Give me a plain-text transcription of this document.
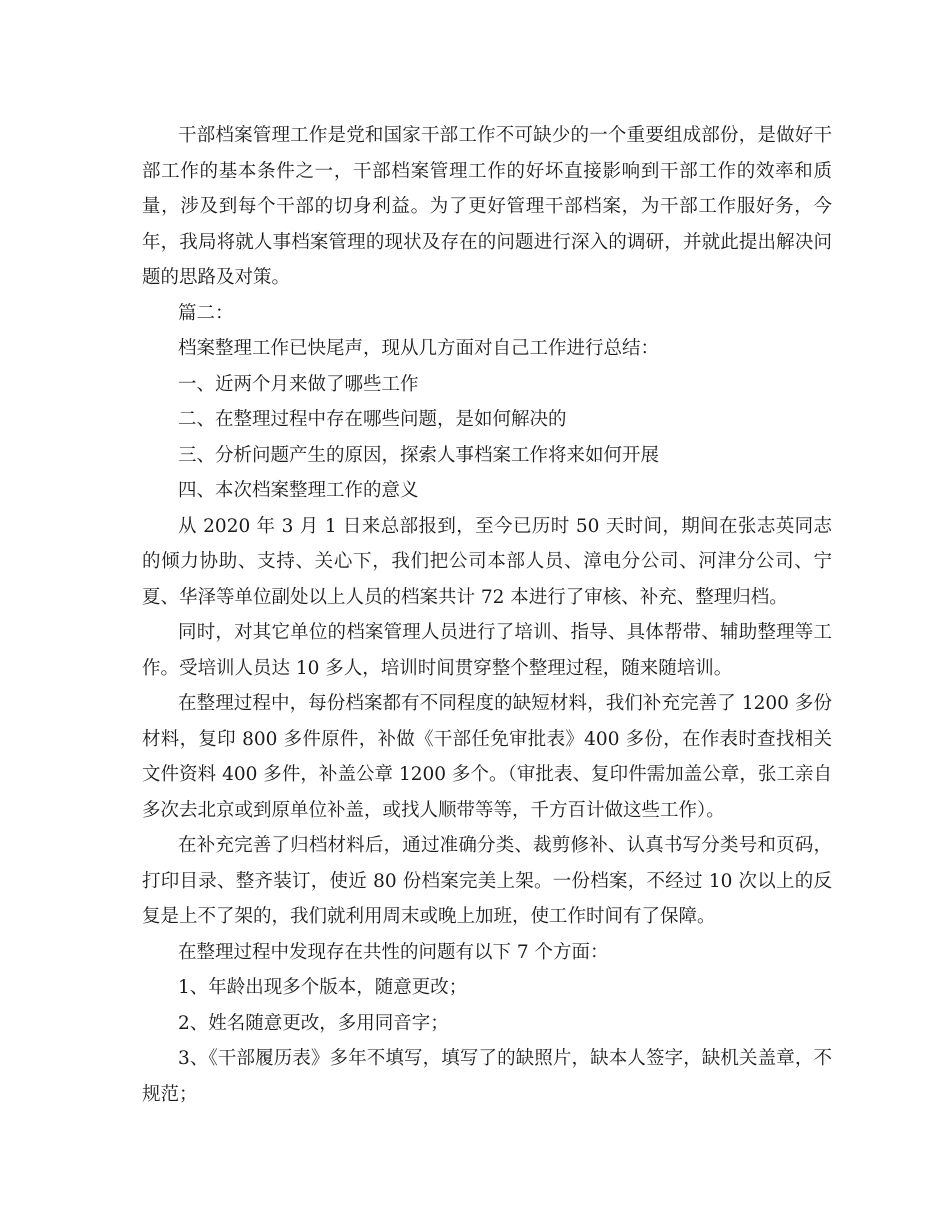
干部档案管理工作是党和国家干部工作不可缺少的一个重要组成部份，是做好干部工作的基本条件之一，干部档案管理工作的好坏直接影响到干部工作的效率和质量，涉及到每个干部的切身利益。为了更好管理干部档案，为干部工作服好务，今年，我局将就人事档案管理的现状及存在的问题进行深入的调研，并就此提出解决问题的思路及对策。

篇二：

档案整理工作已快尾声，现从几方面对自己工作进行总结：

一、近两个月来做了哪些工作

二、在整理过程中存在哪些问题，是如何解决的

三、分析问题产生的原因，探索人事档案工作将来如何开展

四、本次档案整理工作的意义

从 2020 年 3 月 1 日来总部报到，至今已历时 50 天时间，期间在张志英同志的倾力协助、支持、关心下，我们把公司本部人员、漳电分公司、河津分公司、宁夏、华泽等单位副处以上人员的档案共计 72 本进行了审核、补充、整理归档。

同时，对其它单位的档案管理人员进行了培训、指导、具体帮带、辅助整理等工作。受培训人员达 10 多人，培训时间贯穿整个整理过程，随来随培训。

在整理过程中，每份档案都有不同程度的缺短材料，我们补充完善了 1200 多份材料，复印 800 多件原件，补做《干部任免审批表》400 多份，在作表时查找相关文件资料 400 多件，补盖公章 1200 多个。（审批表、复印件需加盖公章，张工亲自多次去北京或到原单位补盖，或找人顺带等等，千方百计做这些工作）。

在补充完善了归档材料后，通过准确分类、裁剪修补、认真书写分类号和页码，打印目录、整齐装订，使近 80 份档案完美上架。一份档案，不经过 10 次以上的反复是上不了架的，我们就利用周末或晚上加班，使工作时间有了保障。

在整理过程中发现存在共性的问题有以下 7 个方面：

1、年龄出现多个版本，随意更改；

2、姓名随意更改，多用同音字；

3、《干部履历表》多年不填写，填写了的缺照片，缺本人签字，缺机关盖章，不规范；
